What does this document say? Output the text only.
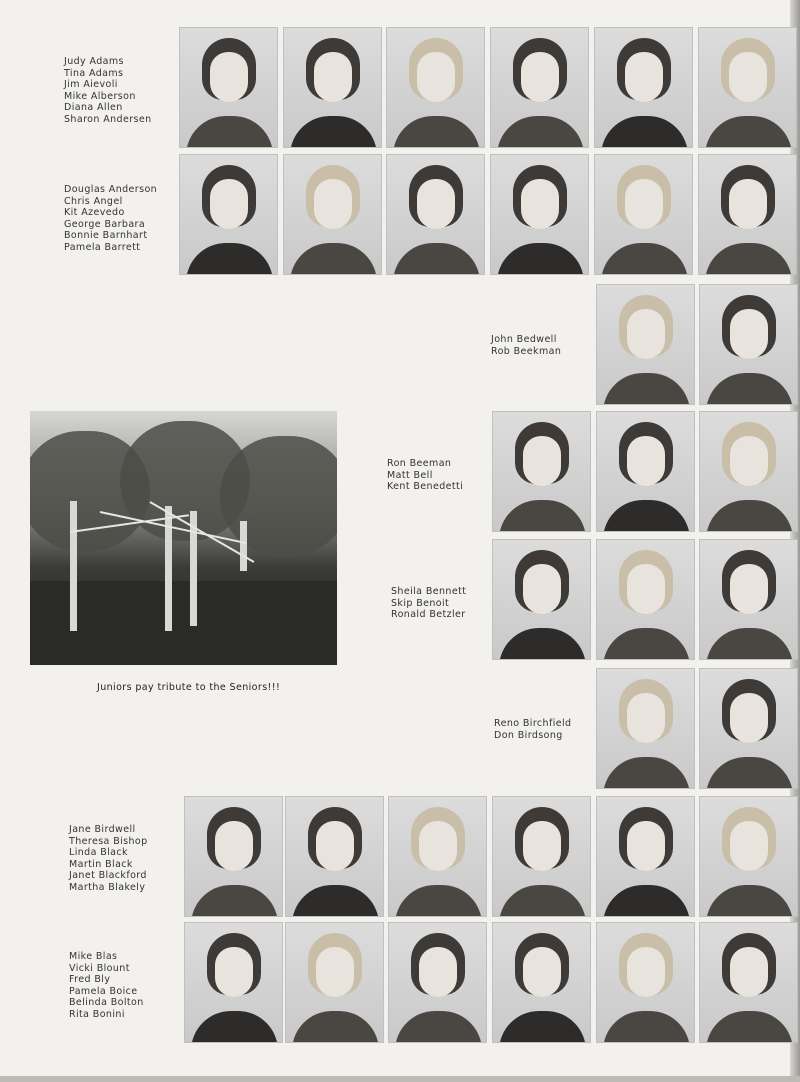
Judy Adams
Tina Adams
Jim Aievoli
Mike Alberson
Diana Allen
Sharon Andersen
Douglas Anderson
Chris Angel
Kit Azevedo
George Barbara
Bonnie Barnhart
Pamela Barrett
John Bedwell
Rob Beekman
Ron Beeman
Matt Bell
Kent Benedetti
Sheila Bennett
Skip Benoit
Ronald Betzler
Reno Birchfield
Don Birdsong
Jane Birdwell
Theresa Bishop
Linda Black
Martin Black
Janet Blackford
Martha Blakely
Mike Blas
Vicki Blount
Fred Bly
Pamela Boice
Belinda Bolton
Rita Bonini
Juniors pay tribute to the Seniors!!!
